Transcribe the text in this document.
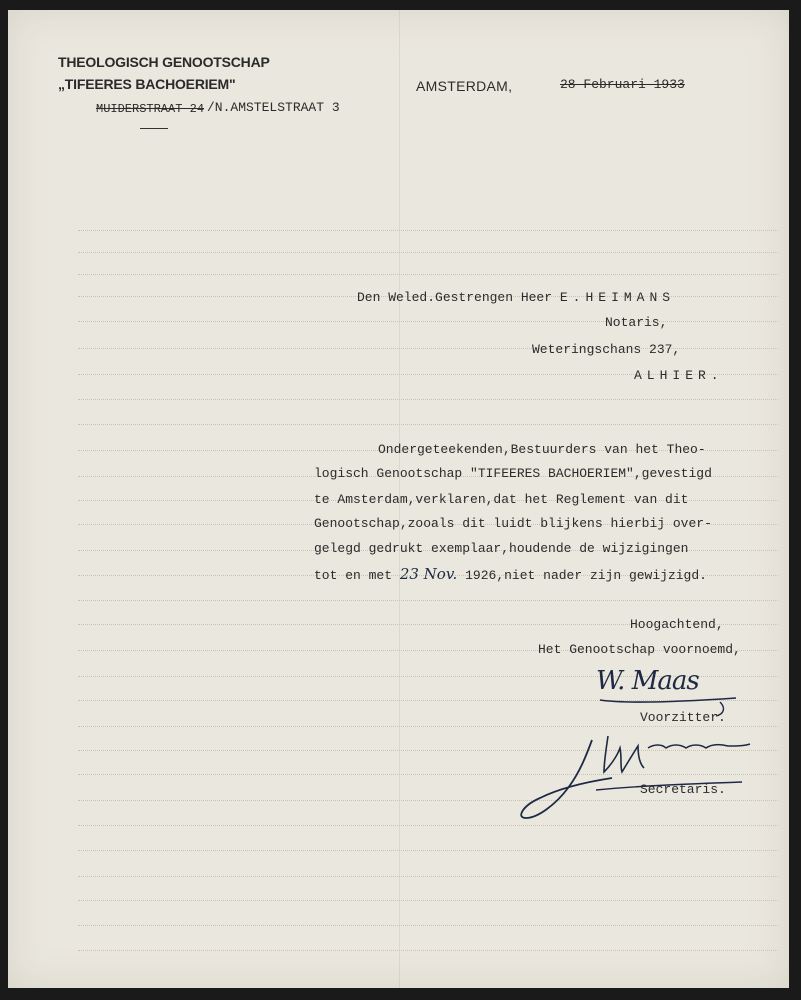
THEOLOGISCH GENOOTSCHAP
„TIFEERES BACHOERIEM"
MUIDERSTRAAT 24 /N.AMSTELSTRAAT 3
AMSTERDAM,	28 Februari 1933
Den Weled.Gestrengen Heer E.HEIMANS
Notaris,
Weteringschans 237,
ALHIER.
Ondergeteekenden,Bestuurders van het Theo-
logisch Genootschap "TIFEERES BACHOERIEM",gevestigd
te Amsterdam,verklaren,dat het Reglement van dit
Genootschap,zooals dit luidt blijkens hierbij over-
gelegd gedrukt exemplaar,houdende de wijzigingen
tot en met 23 Nov. 1926,niet nader zijn gewijzigd.
Hoogachtend,
Het Genootschap voornoemd,
W. Maas
Voorzitter.
Secretaris.
